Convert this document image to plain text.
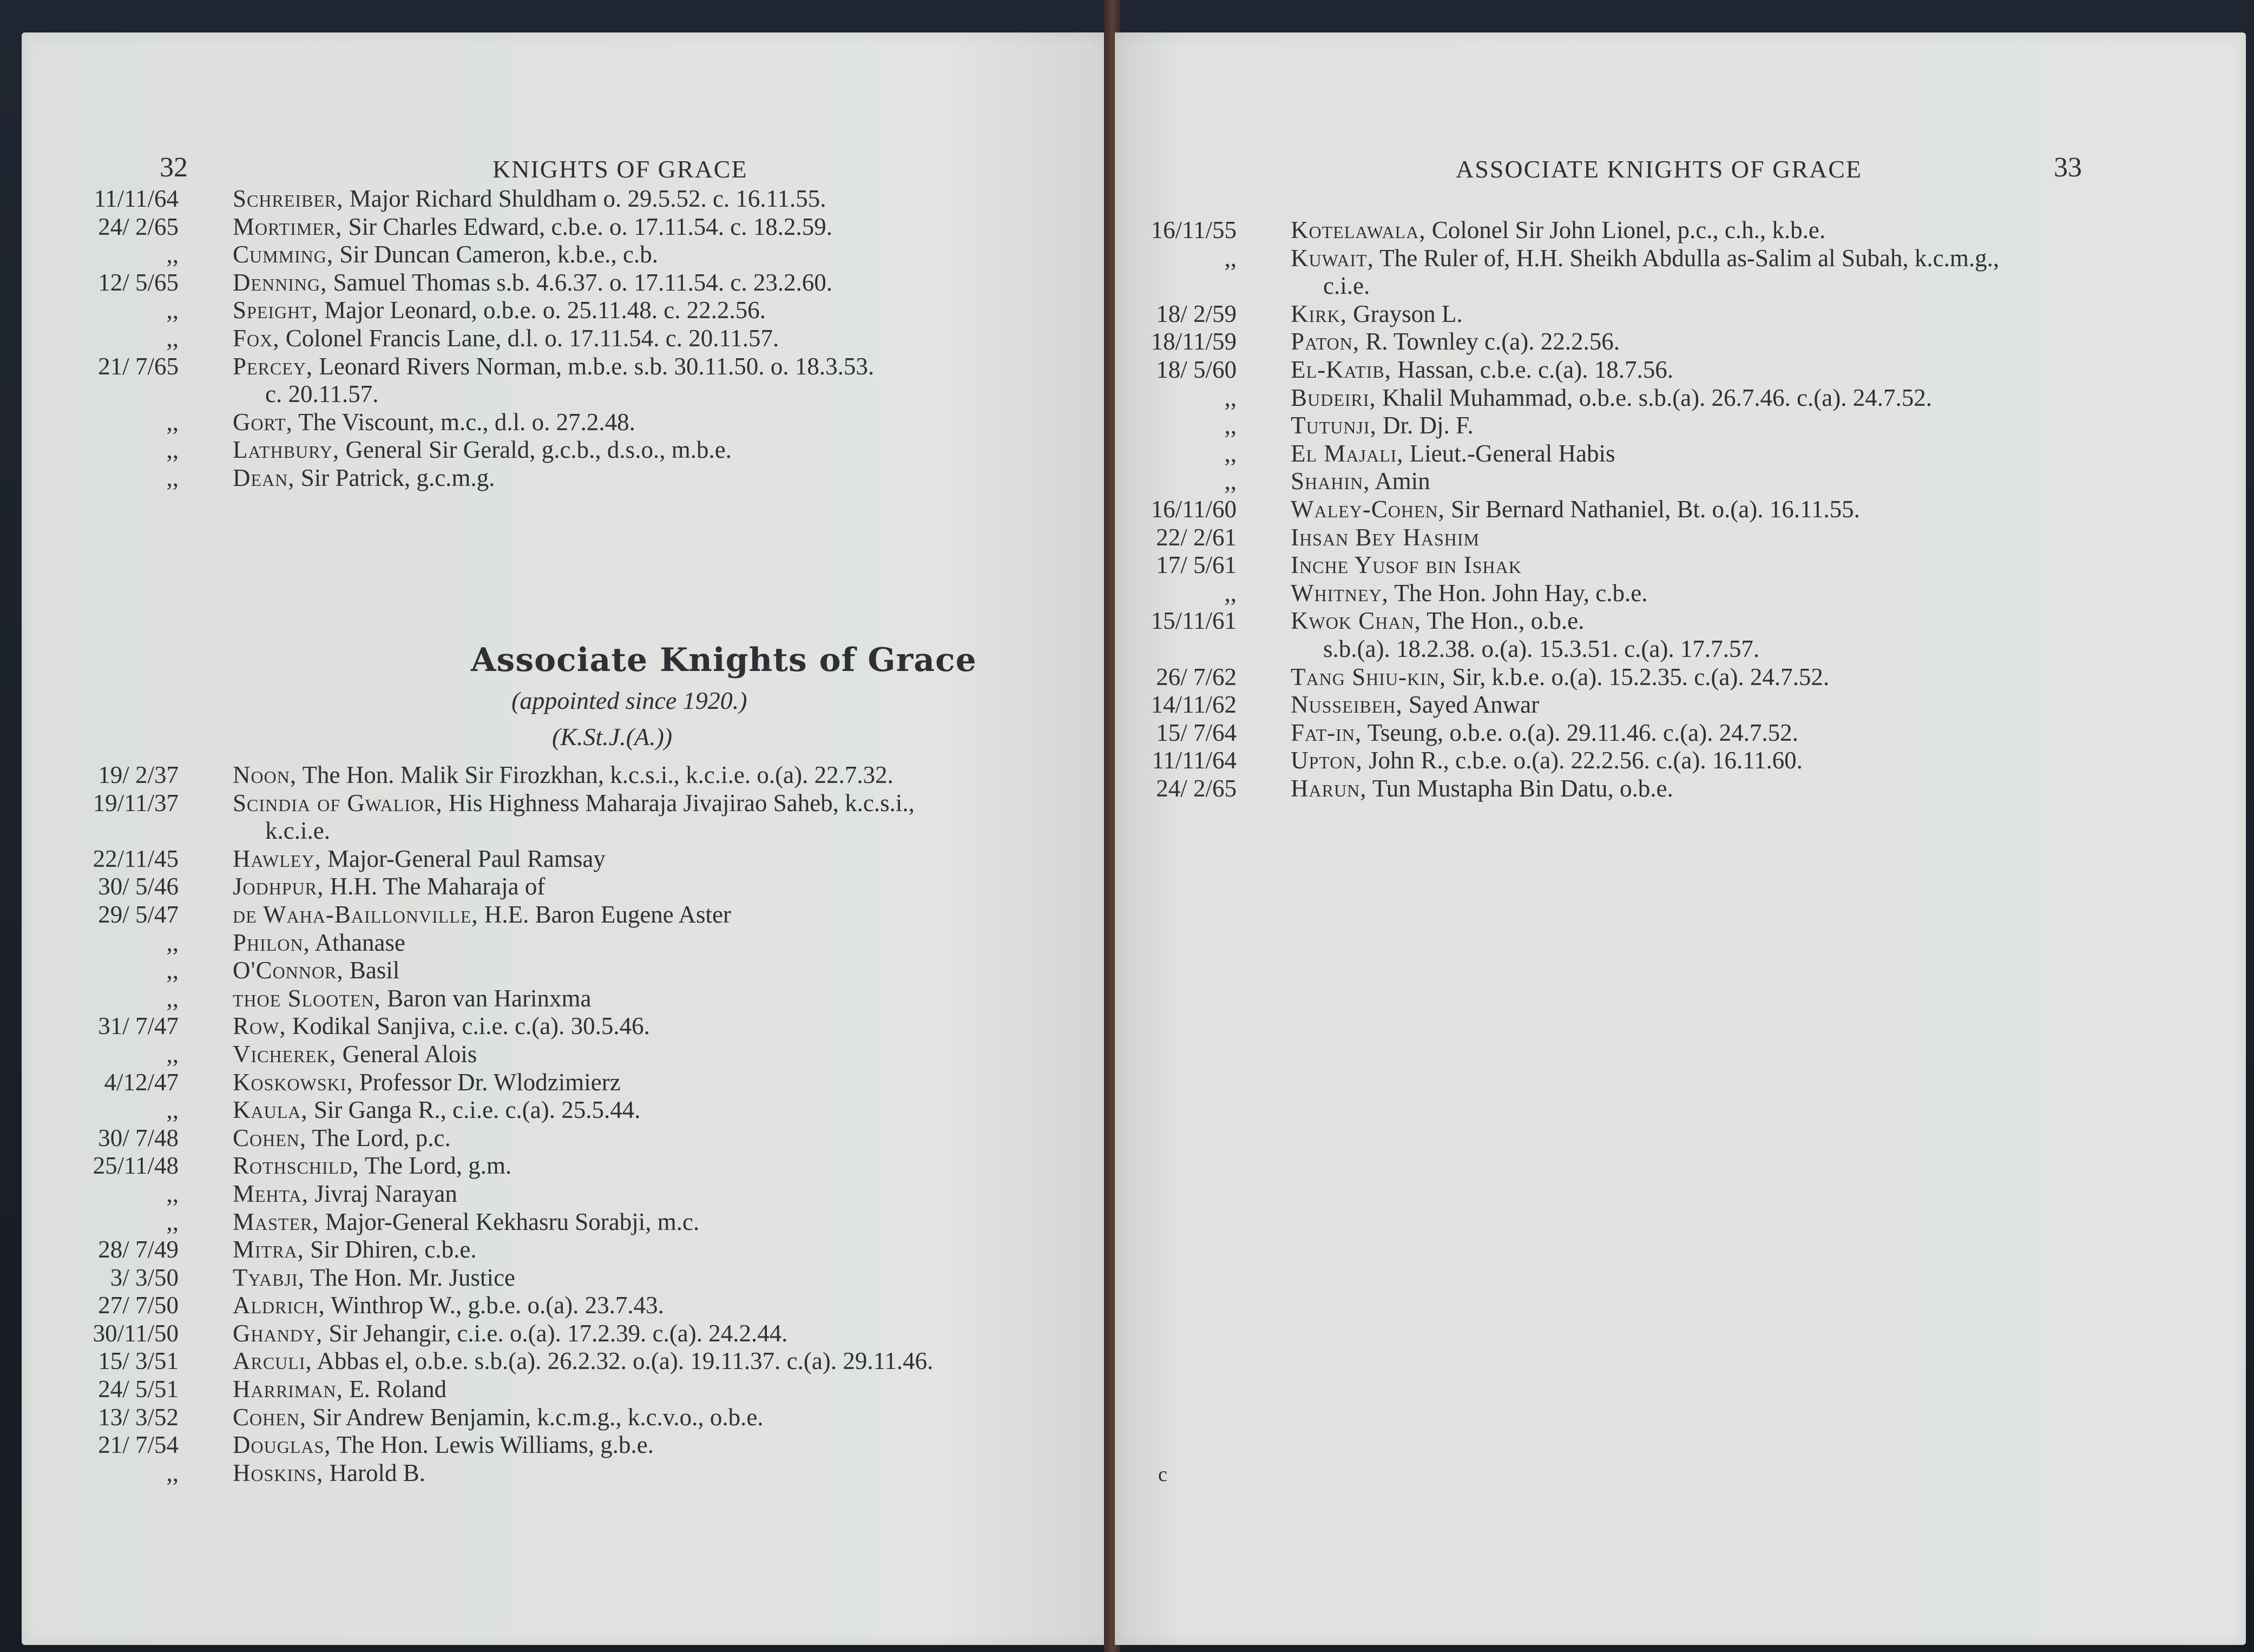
32	KNIGHTS OF GRACE
11/11/64 Schreiber, Major Richard Shuldham o. 29.5.52. c. 16.11.55.
24/ 2/65 Mortimer, Sir Charles Edward, c.b.e. o. 17.11.54. c. 18.2.59.
,, Cumming, Sir Duncan Cameron, k.b.e., c.b.
12/ 5/65 Denning, Samuel Thomas s.b. 4.6.37. o. 17.11.54. c. 23.2.60.
,, Speight, Major Leonard, o.b.e. o. 25.11.48. c. 22.2.56.
,, Fox, Colonel Francis Lane, d.l. o. 17.11.54. c. 20.11.57.
21/ 7/65 Percey, Leonard Rivers Norman, m.b.e. s.b. 30.11.50. o. 18.3.53.
c. 20.11.57.
,, Gort, The Viscount, m.c., d.l. o. 27.2.48.
,, Lathbury, General Sir Gerald, g.c.b., d.s.o., m.b.e.
,, Dean, Sir Patrick, g.c.m.g.
Associate Knights of Grace
(appointed since 1920.)
(K.St.J.(A.))
19/ 2/37 Noon, The Hon. Malik Sir Firozkhan, k.c.s.i., k.c.i.e. o.(a). 22.7.32.
19/11/37 Scindia of Gwalior, His Highness Maharaja Jivajirao Saheb, k.c.s.i.,
k.c.i.e.
22/11/45 Hawley, Major-General Paul Ramsay
30/ 5/46 Jodhpur, H.H. The Maharaja of
29/ 5/47 de Waha-Baillonville, H.E. Baron Eugene Aster
,, Philon, Athanase
,, O'Connor, Basil
,, thoe Slooten, Baron van Harinxma
31/ 7/47 Row, Kodikal Sanjiva, c.i.e. c.(a). 30.5.46.
,, Vicherek, General Alois
4/12/47 Koskowski, Professor Dr. Wlodzimierz
,, Kaula, Sir Ganga R., c.i.e. c.(a). 25.5.44.
30/ 7/48 Cohen, The Lord, p.c.
25/11/48 Rothschild, The Lord, g.m.
,, Mehta, Jivraj Narayan
,, Master, Major-General Kekhasru Sorabji, m.c.
28/ 7/49 Mitra, Sir Dhiren, c.b.e.
3/ 3/50 Tyabji, The Hon. Mr. Justice
27/ 7/50 Aldrich, Winthrop W., g.b.e. o.(a). 23.7.43.
30/11/50 Ghandy, Sir Jehangir, c.i.e. o.(a). 17.2.39. c.(a). 24.2.44.
15/ 3/51 Arculi, Abbas el, o.b.e. s.b.(a). 26.2.32. o.(a). 19.11.37. c.(a). 29.11.46.
24/ 5/51 Harriman, E. Roland
13/ 3/52 Cohen, Sir Andrew Benjamin, k.c.m.g., k.c.v.o., o.b.e.
21/ 7/54 Douglas, The Hon. Lewis Williams, g.b.e.
,, Hoskins, Harold B.
ASSOCIATE KNIGHTS OF GRACE	33
16/11/55 Kotelawala, Colonel Sir John Lionel, p.c., c.h., k.b.e.
,, Kuwait, The Ruler of, H.H. Sheikh Abdulla as-Salim al Subah, k.c.m.g.,
c.i.e.
18/ 2/59 Kirk, Grayson L.
18/11/59 Paton, R. Townley c.(a). 22.2.56.
18/ 5/60 El-Katib, Hassan, c.b.e. c.(a). 18.7.56.
,, Budeiri, Khalil Muhammad, o.b.e. s.b.(a). 26.7.46. c.(a). 24.7.52.
,, Tutunji, Dr. Dj. F.
,, El Majali, Lieut.-General Habis
,, Shahin, Amin
16/11/60 Waley-Cohen, Sir Bernard Nathaniel, Bt. o.(a). 16.11.55.
22/ 2/61 Ihsan Bey Hashim
17/ 5/61 Inche Yusof bin Ishak
,, Whitney, The Hon. John Hay, c.b.e.
15/11/61 Kwok Chan, The Hon., o.b.e.
s.b.(a). 18.2.38. o.(a). 15.3.51. c.(a). 17.7.57.
26/ 7/62 Tang Shiu-kin, Sir, k.b.e. o.(a). 15.2.35. c.(a). 24.7.52.
14/11/62 Nusseibeh, Sayed Anwar
15/ 7/64 Fat-in, Tseung, o.b.e. o.(a). 29.11.46. c.(a). 24.7.52.
11/11/64 Upton, John R., c.b.e. o.(a). 22.2.56. c.(a). 16.11.60.
24/ 2/65 Harun, Tun Mustapha Bin Datu, o.b.e.
c
